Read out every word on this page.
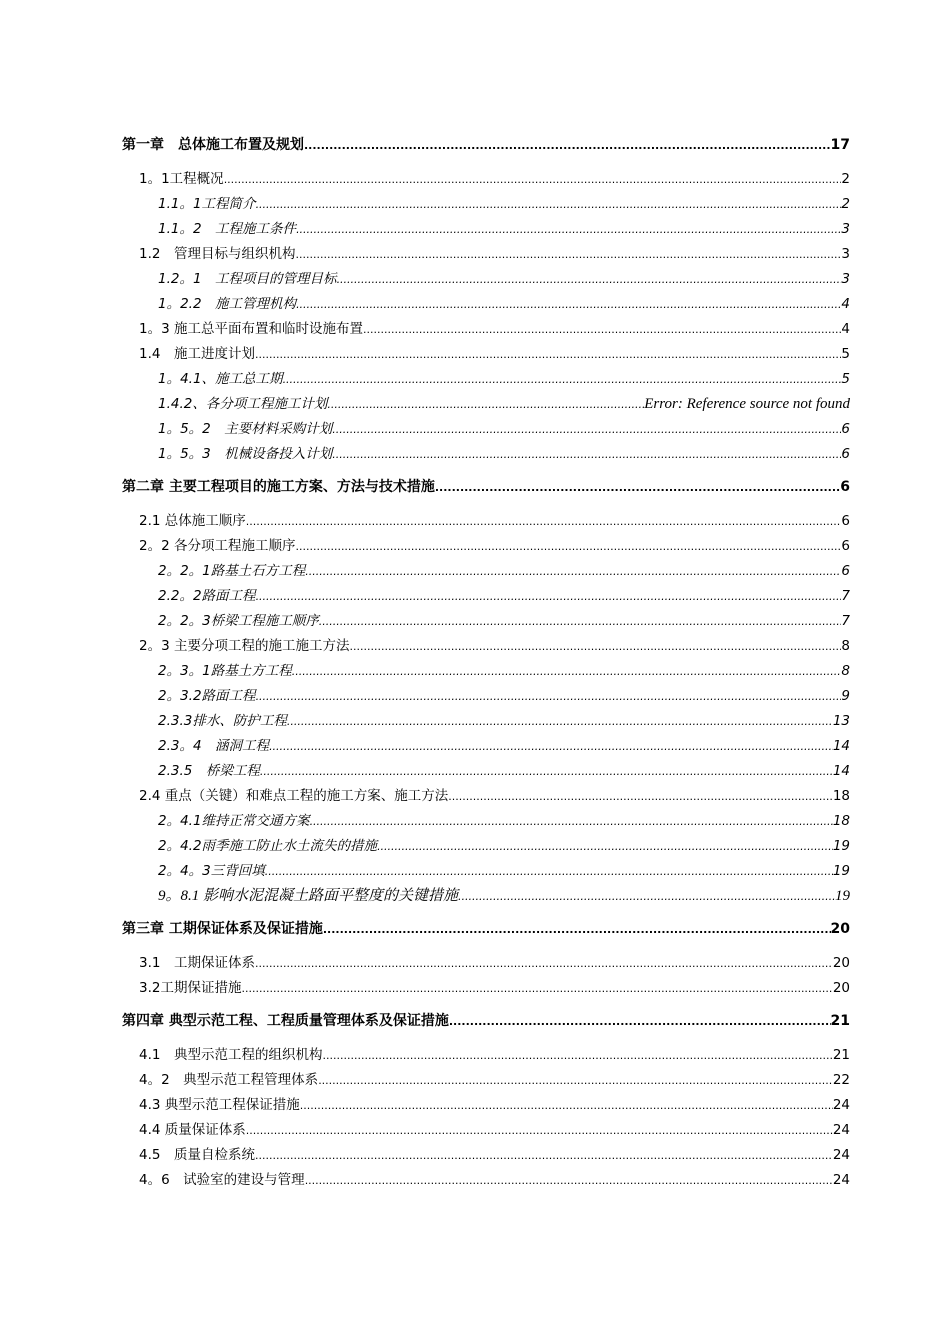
第一章　总体施工布置及规划 .....	17
1。1工程概况 .....	2
1.1。1工程简介 .....	2
1.1。2　工程施工条件 .....	3
1.2　管理目标与组织机构 .....	3
1.2。1　工程项目的管理目标 .....	3
1。2.2　施工管理机构 .....	4
1。3 施工总平面布置和临时设施布置 .....	4
1.4　施工进度计划 .....	5
1。4.1、施工总工期 .....	5
1.4.2、各分项工程施工计划 .....	Error: Reference source not found
1。5。2　主要材料采购计划 .....	6
1。5。3　机械设备投入计划 .....	6
第二章 主要工程项目的施工方案、方法与技术措施 .....	6
2.1 总体施工顺序 .....	6
2。2 各分项工程施工顺序 .....	6
2。2。1路基土石方工程 .....	6
2.2。2路面工程 .....	7
2。2。3桥梁工程施工顺序 .....	7
2。3 主要分项工程的施工施工方法 .....	8
2。3。1路基土方工程 .....	8
2。3.2路面工程 .....	9
2.3.3排水、防护工程 .....	13
2.3。4　涵洞工程 .....	14
2.3.5　桥梁工程 .....	14
2.4 重点（关键）和难点工程的施工方案、施工方法 .....	18
2。4.1维持正常交通方案 .....	18
2。4.2雨季施工防止水土流失的措施 .....	19
2。4。3三背回填 .....	19
9。8.1 影响水泥混凝土路面平整度的关键措施 .....	19
第三章 工期保证体系及保证措施 .....	20
3.1　工期保证体系 .....	20
3.2工期保证措施 .....	20
第四章 典型示范工程、工程质量管理体系及保证措施 .....	21
4.1　典型示范工程的组织机构 .....	21
4。2　典型示范工程管理体系 .....	22
4.3 典型示范工程保证措施 .....	24
4.4 质量保证体系 .....	24
4.5　质量自检系统 .....	24
4。6　试验室的建设与管理 .....	24
